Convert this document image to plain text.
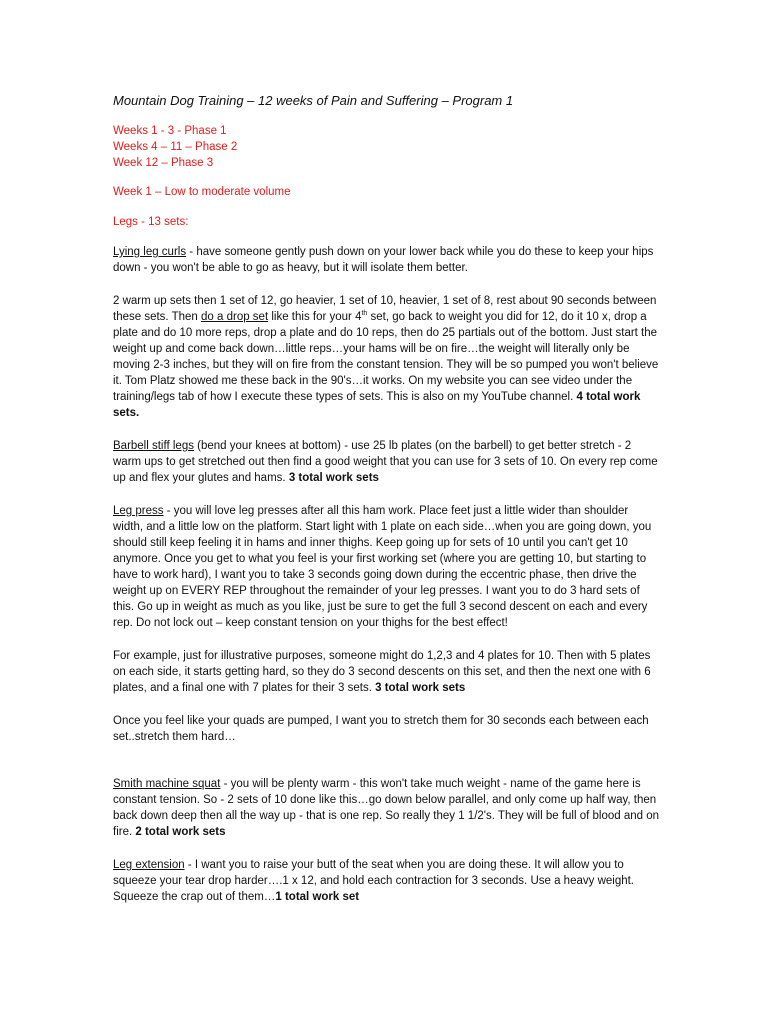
Mountain Dog Training – 12 weeks of Pain and Suffering – Program 1
Weeks 1 - 3 - Phase 1
Weeks 4 – 11 – Phase 2
Week 12 – Phase 3
Week 1 – Low to moderate volume
Legs - 13 sets:
Lying leg curls - have someone gently push down on your lower back while you do these to keep your hips down - you won't be able to go as heavy, but it will isolate them better.
2 warm up sets then 1 set of 12, go heavier, 1 set of 10, heavier, 1 set of 8, rest about 90 seconds between these sets. Then do a drop set like this for your 4th set, go back to weight you did for 12, do it 10 x, drop a plate and do 10 more reps, drop a plate and do 10 reps, then do 25 partials out of the bottom. Just start the weight up and come back down…little reps…your hams will be on fire…the weight will literally only be moving 2-3 inches, but they will on fire from the constant tension. They will be so pumped you won't believe it. Tom Platz showed me these back in the 90's…it works. On my website you can see video under the training/legs tab of how I execute these types of sets. This is also on my YouTube channel. 4 total work sets.
Barbell stiff legs (bend your knees at bottom) - use 25 lb plates (on the barbell) to get better stretch - 2 warm ups to get stretched out then find a good weight that you can use for 3 sets of 10. On every rep come up and flex your glutes and hams. 3 total work sets
Leg press - you will love leg presses after all this ham work. Place feet just a little wider than shoulder width, and a little low on the platform. Start light with 1 plate on each side…when you are going down, you should still keep feeling it in hams and inner thighs. Keep going up for sets of 10 until you can't get 10 anymore. Once you get to what you feel is your first working set (where you are getting 10, but starting to have to work hard), I want you to take 3 seconds going down during the eccentric phase, then drive the weight up on EVERY REP throughout the remainder of your leg presses. I want you to do 3 hard sets of this. Go up in weight as much as you like, just be sure to get the full 3 second descent on each and every rep. Do not lock out – keep constant tension on your thighs for the best effect!
For example, just for illustrative purposes, someone might do 1,2,3 and 4 plates for 10. Then with 5 plates on each side, it starts getting hard, so they do 3 second descents on this set, and then the next one with 6 plates, and a final one with 7 plates for their 3 sets. 3 total work sets
Once you feel like your quads are pumped, I want you to stretch them for 30 seconds each between each set..stretch them hard…
Smith machine squat - you will be plenty warm - this won't take much weight - name of the game here is constant tension. So - 2 sets of 10 done like this…go down below parallel, and only come up half way, then back down deep then all the way up - that is one rep. So really they 1 1/2's. They will be full of blood and on fire. 2 total work sets
Leg extension - I want you to raise your butt of the seat when you are doing these. It will allow you to squeeze your tear drop harder….1 x 12, and hold each contraction for 3 seconds. Use a heavy weight. Squeeze the crap out of them…1 total work set
